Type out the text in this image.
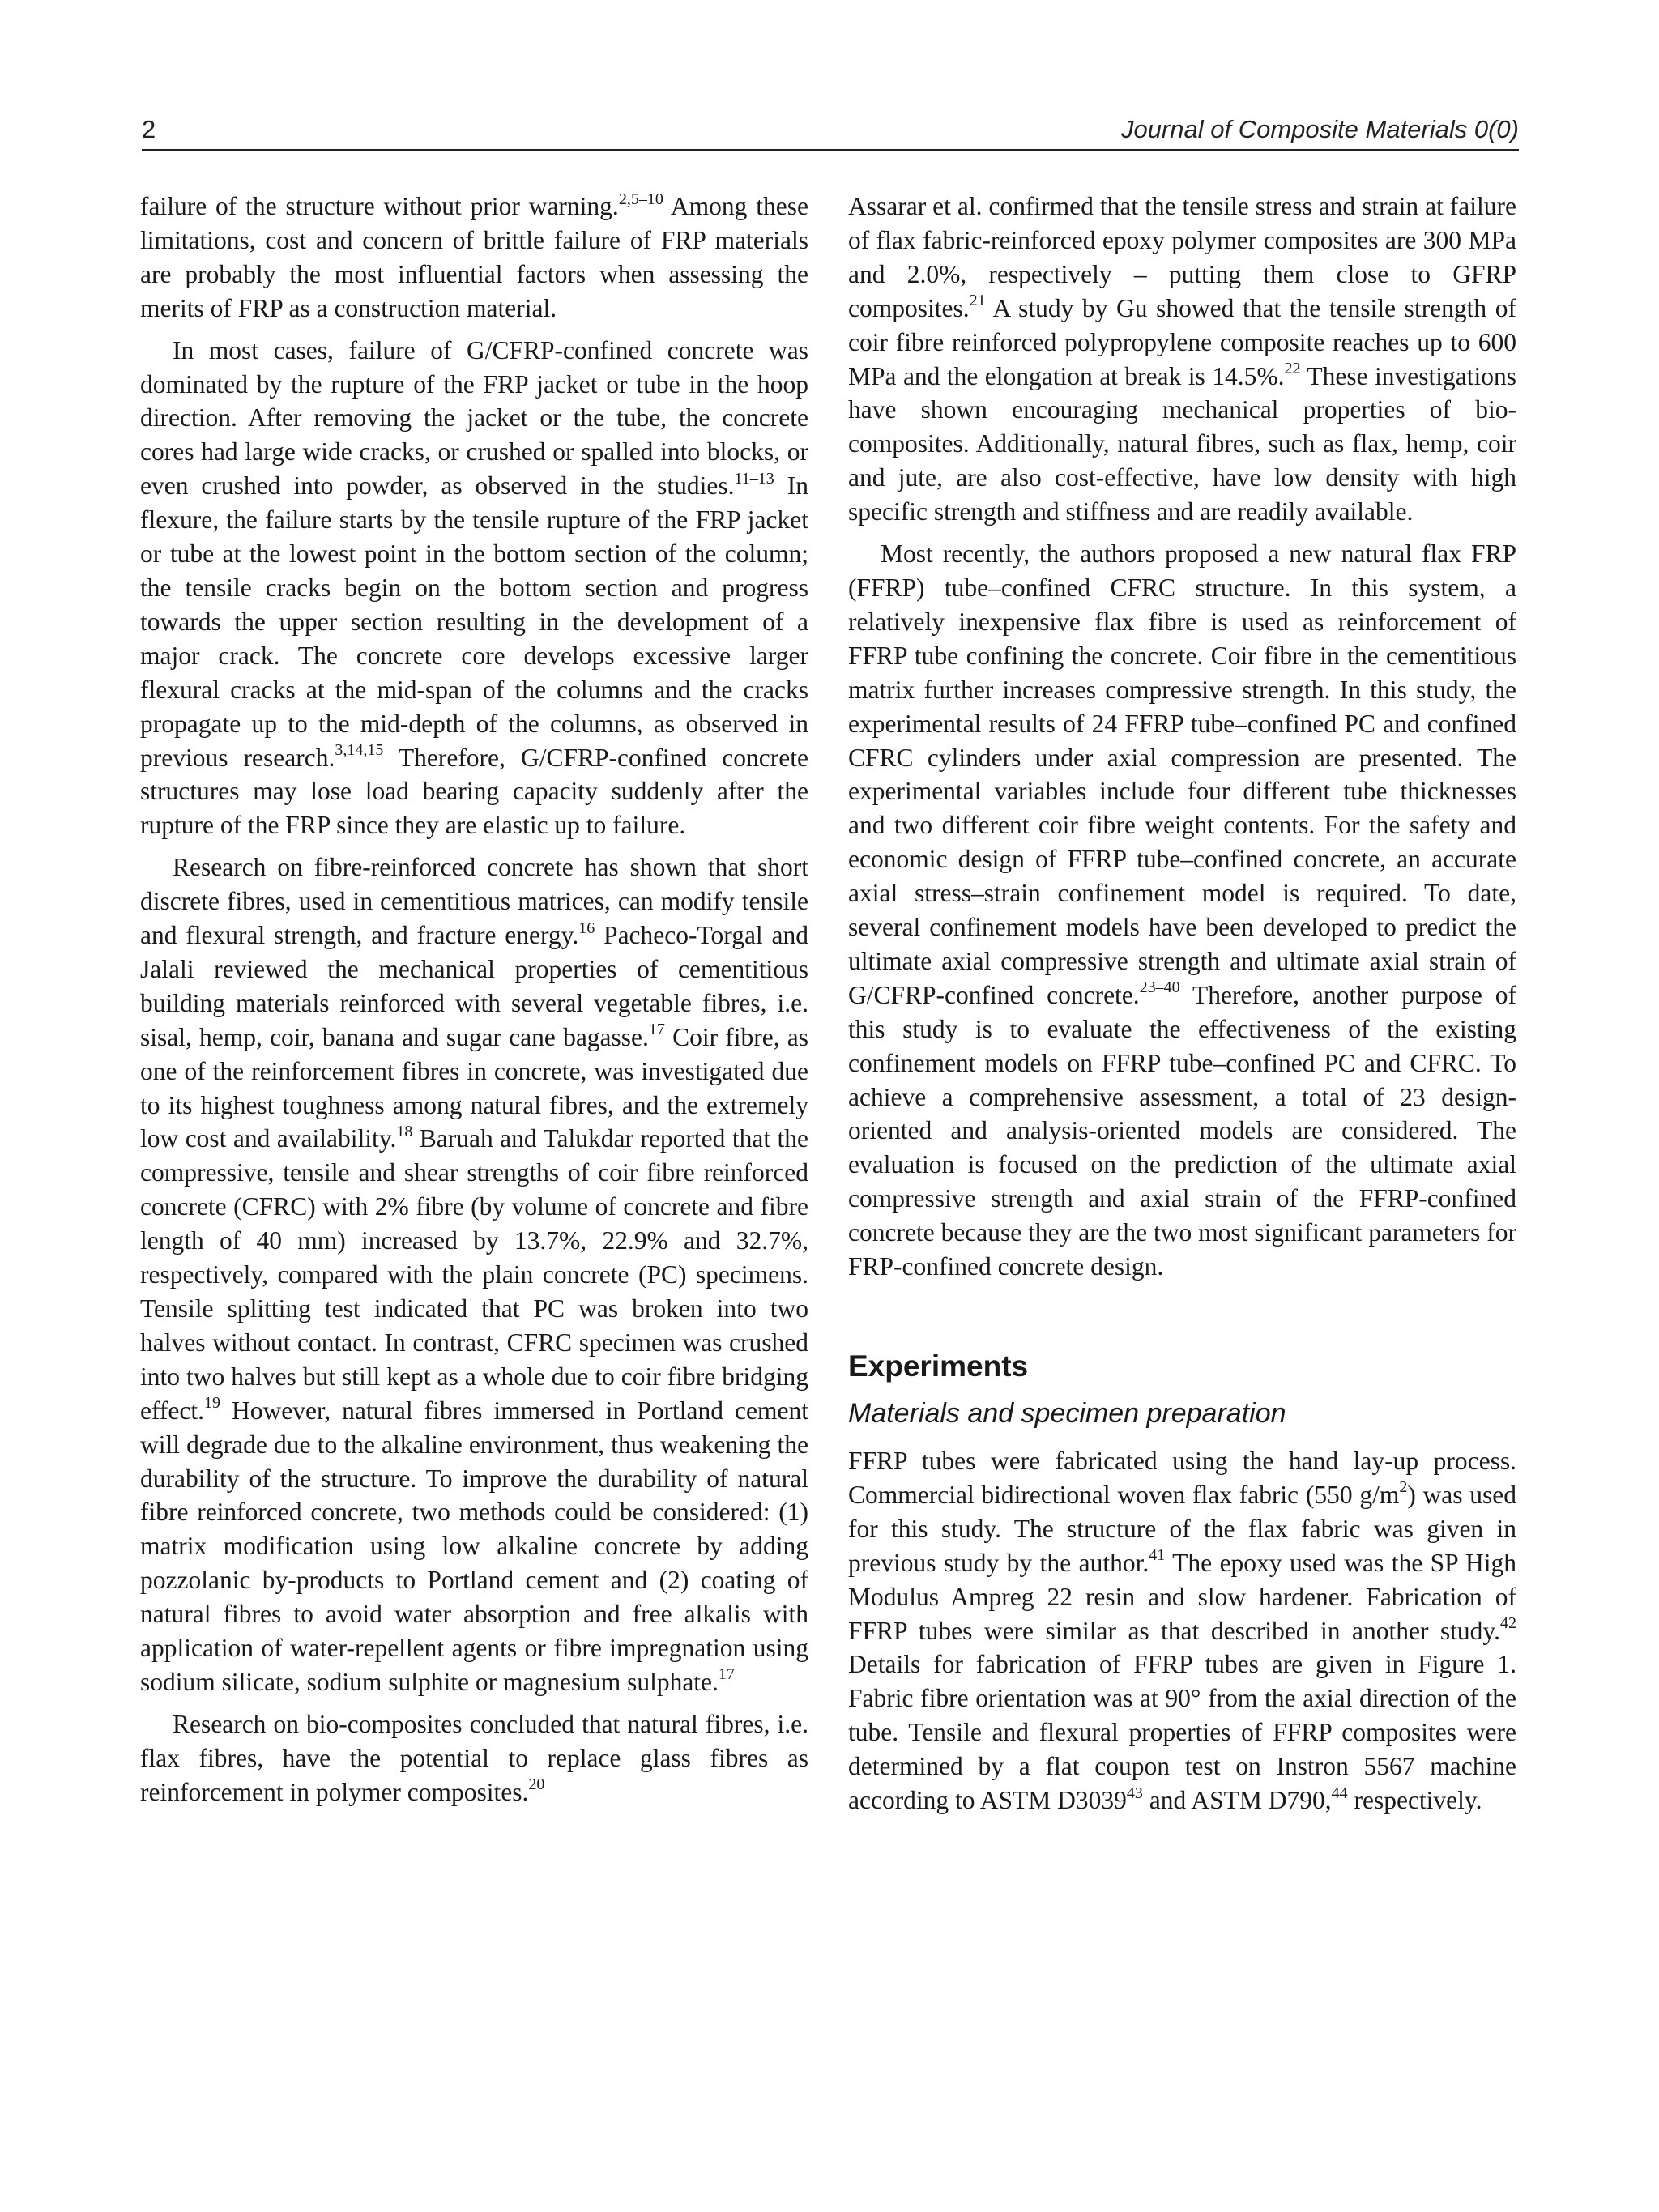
2	Journal of Composite Materials 0(0)

failure of the structure without prior warning.$^{2,5-10}$ Among these limitations, cost and concern of brittle failure of FRP materials are probably the most influential factors when assessing the merits of FRP as a construction material.

In most cases, failure of G/CFRP-confined concrete was dominated by the rupture of the FRP jacket or tube in the hoop direction. After removing the jacket or the tube, the concrete cores had large wide cracks, or crushed or spalled into blocks, or even crushed into powder, as observed in the studies.$^{11-13}$ In flexure, the failure starts by the tensile rupture of the FRP jacket or tube at the lowest point in the bottom section of the column; the tensile cracks begin on the bottom section and progress towards the upper section resulting in the development of a major crack. The concrete core develops excessive larger flexural cracks at the mid-span of the columns and the cracks propagate up to the mid-depth of the columns, as observed in previous research.$^{3,14,15}$ Therefore, G/CFRP-confined concrete structures may lose load bearing capacity suddenly after the rupture of the FRP since they are elastic up to failure.

Research on fibre-reinforced concrete has shown that short discrete fibres, used in cementitious matrices, can modify tensile and flexural strength, and fracture energy.$^{16}$ Pacheco-Torgal and Jalali reviewed the mechanical properties of cementitious building materials reinforced with several vegetable fibres, i.e. sisal, hemp, coir, banana and sugar cane bagasse.$^{17}$ Coir fibre, as one of the reinforcement fibres in concrete, was investigated due to its highest toughness among natural fibres, and the extremely low cost and availability.$^{18}$ Baruah and Talukdar reported that the compressive, tensile and shear strengths of coir fibre reinforced concrete (CFRC) with 2% fibre (by volume of concrete and fibre length of 40 mm) increased by 13.7%, 22.9% and 32.7%, respectively, compared with the plain concrete (PC) specimens. Tensile splitting test indicated that PC was broken into two halves without contact. In contrast, CFRC specimen was crushed into two halves but still kept as a whole due to coir fibre bridging effect.$^{19}$ However, natural fibres immersed in Portland cement will degrade due to the alkaline environment, thus weakening the durability of the structure. To improve the durability of natural fibre reinforced concrete, two methods could be considered: (1) matrix modification using low alkaline concrete by adding pozzolanic by-products to Portland cement and (2) coating of natural fibres to avoid water absorption and free alkalis with application of water-repellent agents or fibre impregnation using sodium silicate, sodium sulphite or magnesium sulphate.$^{17}$

Research on bio-composites concluded that natural fibres, i.e. flax fibres, have the potential to replace glass fibres as reinforcement in polymer composites.$^{20}$

Assarar et al. confirmed that the tensile stress and strain at failure of flax fabric-reinforced epoxy polymer composites are 300 MPa and 2.0%, respectively – putting them close to GFRP composites.$^{21}$ A study by Gu showed that the tensile strength of coir fibre reinforced polypropylene composite reaches up to 600 MPa and the elongation at break is 14.5%.$^{22}$ These investigations have shown encouraging mechanical properties of bio-composites. Additionally, natural fibres, such as flax, hemp, coir and jute, are also cost-effective, have low density with high specific strength and stiffness and are readily available.

Most recently, the authors proposed a new natural flax FRP (FFRP) tube–confined CFRC structure. In this system, a relatively inexpensive flax fibre is used as reinforcement of FFRP tube confining the concrete. Coir fibre in the cementitious matrix further increases compressive strength. In this study, the experimental results of 24 FFRP tube–confined PC and confined CFRC cylinders under axial compression are presented. The experimental variables include four different tube thicknesses and two different coir fibre weight contents. For the safety and economic design of FFRP tube–confined concrete, an accurate axial stress–strain confinement model is required. To date, several confinement models have been developed to predict the ultimate axial compressive strength and ultimate axial strain of G/CFRP-confined concrete.$^{23-40}$ Therefore, another purpose of this study is to evaluate the effectiveness of the existing confinement models on FFRP tube–confined PC and CFRC. To achieve a comprehensive assessment, a total of 23 design-oriented and analysis-oriented models are considered. The evaluation is focused on the prediction of the ultimate axial compressive strength and axial strain of the FFRP-confined concrete because they are the two most significant parameters for FRP-confined concrete design.

Experiments
Materials and specimen preparation

FFRP tubes were fabricated using the hand lay-up process. Commercial bidirectional woven flax fabric (550 $g/m^2$) was used for this study. The structure of the flax fabric was given in previous study by the author.$^{41}$ The epoxy used was the SP High Modulus Ampreg 22 resin and slow hardener. Fabrication of FFRP tubes were similar as that described in another study.$^{42}$ Details for fabrication of FFRP tubes are given in Figure 1. Fabric fibre orientation was at 90° from the axial direction of the tube. Tensile and flexural properties of FFRP composites were determined by a flat coupon test on Instron 5567 machine according to ASTM D3039$^{43}$ and ASTM D790,44 respectively.
